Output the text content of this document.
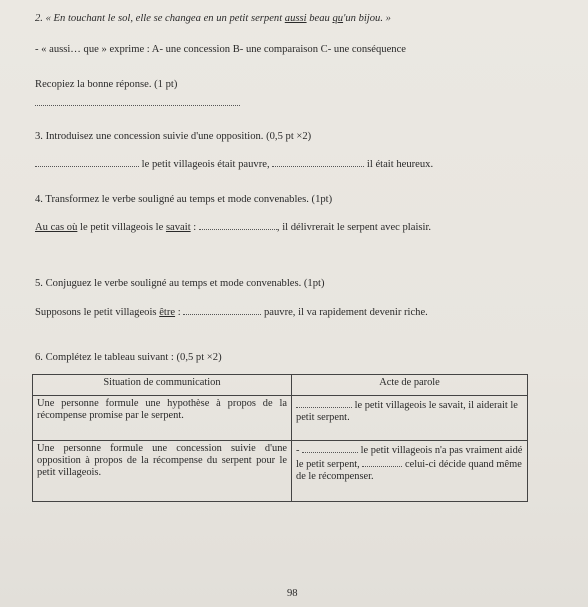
2. « En touchant le sol, elle se changea en un petit serpent aussi beau qu'un bijou. »
- « aussi… que » exprime : A- une concession B- une comparaison C- une conséquence
Recopiez la bonne réponse. (1 pt)
3. Introduisez une concession suivie d'une opposition. (0,5 pt ×2)
le petit villageois était pauvre,	il était heureux.
4. Transformez le verbe souligné au temps et mode convenables. (1pt)
Au cas où le petit villageois le savait :	, il délivrerait le serpent avec plaisir.
5. Conjuguez le verbe souligné au temps et mode convenables. (1pt)
Supposons le petit villageois être :	pauvre, il va rapidement devenir riche.
6. Complétez le tableau suivant : (0,5 pt ×2)
Situation de communication	Acte de parole
Une personne formule une hypothèse à propos de la récompense promise par le serpent.	le petit villageois le savait, il aiderait le petit serpent.
Une personne formule une concession suivie d'une opposition à propos de la récompense du serpent pour le petit villageois.	- le petit villageois n'a pas vraiment aidé le petit serpent, celui-ci décide quand même de le récompenser.
98
